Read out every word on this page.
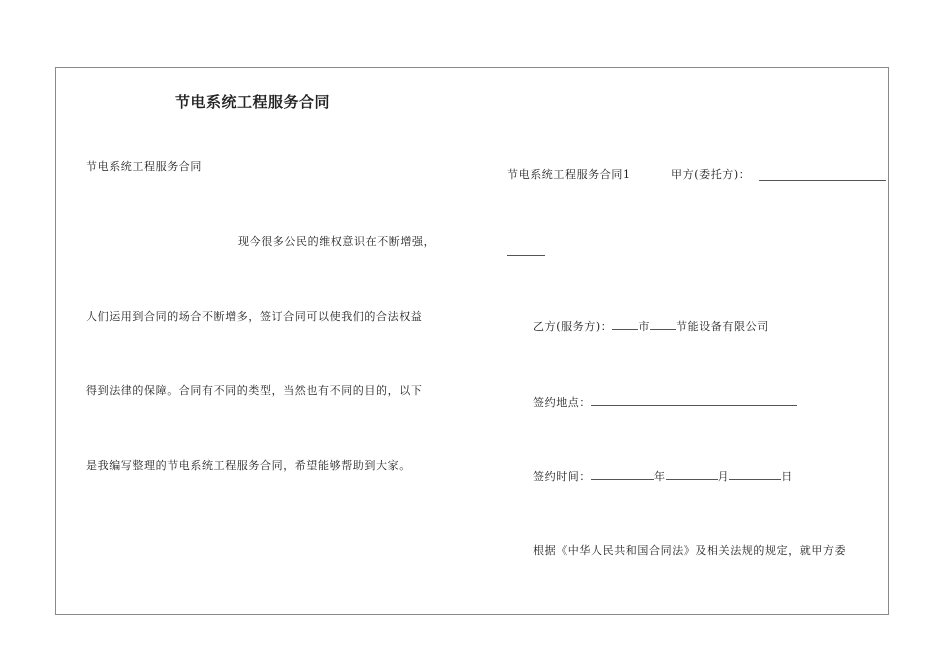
节电系统工程服务合同
节电系统工程服务合同
现今很多公民的维权意识在不断增强，
人们运用到合同的场合不断增多，签订合同可以使我们的合法权益
得到法律的保障。合同有不同的类型，当然也有不同的目的，以下
是我编写整理的节电系统工程服务合同，希望能够帮助到大家。
节电系统工程服务合同1	甲方(委托方)：
乙方(服务方)： 市 节能设备有限公司
签约地点：
签约时间：	年	月	日
根据《中华人民共和国合同法》及相关法规的规定，就甲方委
